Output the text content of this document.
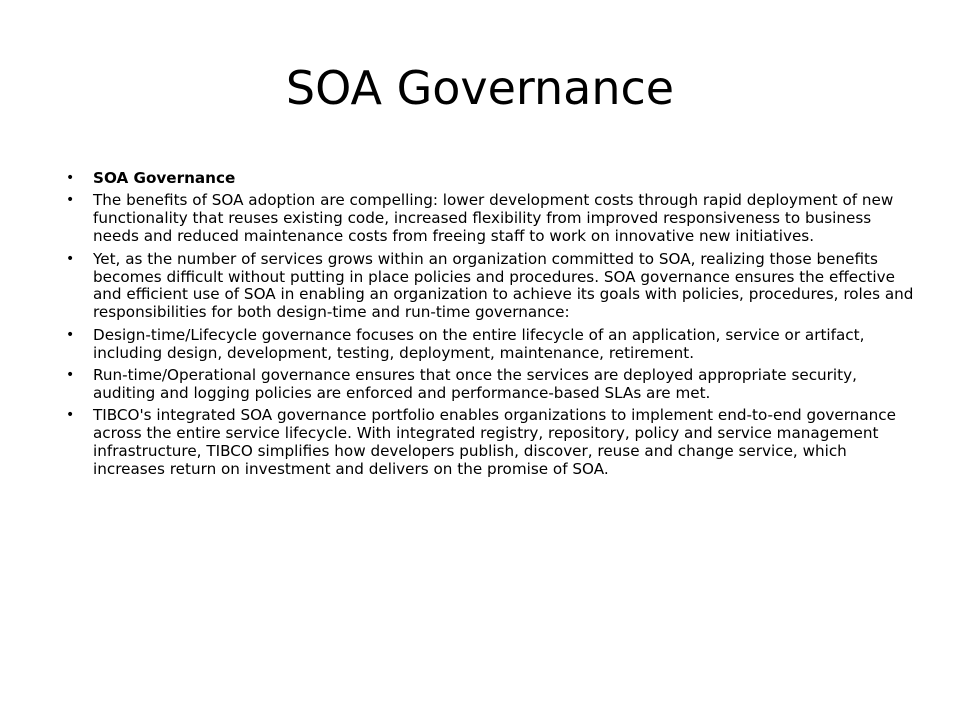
SOA Governance
• SOA Governance
• The benefits of SOA adoption are compelling: lower development costs through rapid deployment of new functionality that reuses existing code, increased flexibility from improved responsiveness to business needs and reduced maintenance costs from freeing staff to work on innovative new initiatives.
• Yet, as the number of services grows within an organization committed to SOA, realizing those benefits becomes difficult without putting in place policies and procedures. SOA governance ensures the effective and efficient use of SOA in enabling an organization to achieve its goals with policies, procedures, roles and responsibilities for both design-time and run-time governance:
• Design-time/Lifecycle governance focuses on the entire lifecycle of an application, service or artifact, including design, development, testing, deployment, maintenance, retirement.
• Run-time/Operational governance ensures that once the services are deployed appropriate security, auditing and logging policies are enforced and performance-based SLAs are met.
• TIBCO's integrated SOA governance portfolio enables organizations to implement end-to-end governance across the entire service lifecycle. With integrated registry, repository, policy and service management infrastructure, TIBCO simplifies how developers publish, discover, reuse and change service, which increases return on investment and delivers on the promise of SOA.
